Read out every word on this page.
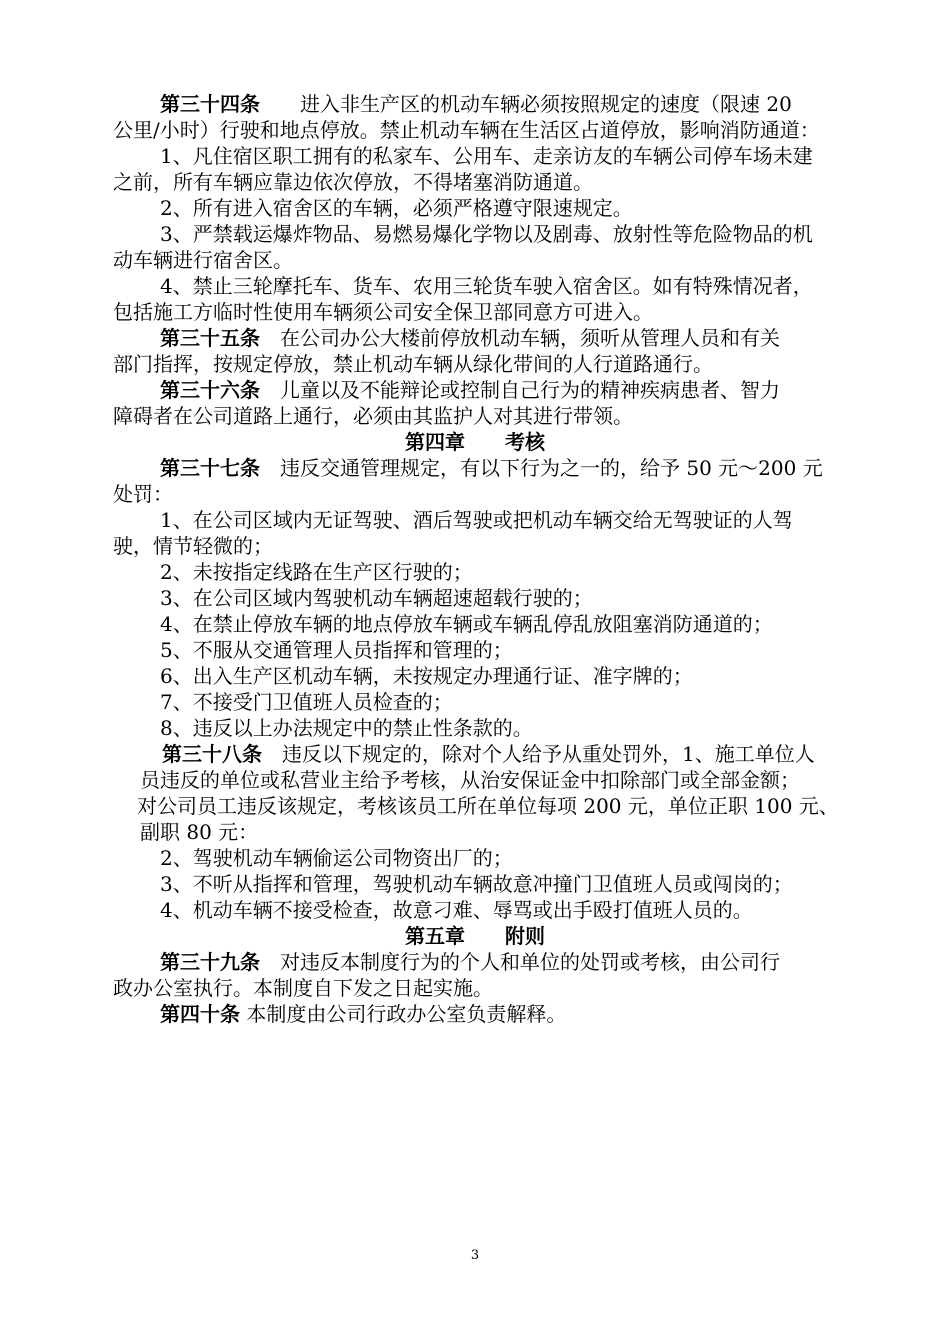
第三十四条   进入非生产区的机动车辆必须按照规定的速度（限速 20
公里/小时）行驶和地点停放。禁止机动车辆在生活区占道停放，影响消防通道：
1、凡住宿区职工拥有的私家车、公用车、走亲访友的车辆公司停车场未建
之前，所有车辆应靠边依次停放，不得堵塞消防通道。
2、所有进入宿舍区的车辆，必须严格遵守限速规定。
3、严禁载运爆炸物品、易燃易爆化学物以及剧毒、放射性等危险物品的机
动车辆进行宿舍区。
4、禁止三轮摩托车、货车、农用三轮货车驶入宿舍区。如有特殊情况者，
包括施工方临时性使用车辆须公司安全保卫部同意方可进入。
第三十五条  在公司办公大楼前停放机动车辆，须听从管理人员和有关
部门指挥，按规定停放，禁止机动车辆从绿化带间的人行道路通行。
第三十六条  儿童以及不能辩论或控制自己行为的精神疾病患者、智力
障碍者在公司道路上通行，必须由其监护人对其进行带领。
第四章　　考核
第三十七条  违反交通管理规定，有以下行为之一的，给予 50 元～200 元
处罚：
1、在公司区域内无证驾驶、酒后驾驶或把机动车辆交给无驾驶证的人驾
驶，情节轻微的；
2、未按指定线路在生产区行驶的；
3、在公司区域内驾驶机动车辆超速超载行驶的；
4、在禁止停放车辆的地点停放车辆或车辆乱停乱放阻塞消防通道的；
5、不服从交通管理人员指挥和管理的；
6、出入生产区机动车辆，未按规定办理通行证、准字牌的；
7、不接受门卫值班人员检查的；
8、违反以上办法规定中的禁止性条款的。
第三十八条  违反以下规定的，除对个人给予从重处罚外，1、施工单位人
员违反的单位或私营业主给予考核，从治安保证金中扣除部门或全部金额；
对公司员工违反该规定，考核该员工所在单位每项 200 元，单位正职 100 元、
副职 80 元：
2、驾驶机动车辆偷运公司物资出厂的；
3、不听从指挥和管理，驾驶机动车辆故意冲撞门卫值班人员或闯岗的；
4、机动车辆不接受检查，故意刁难、辱骂或出手殴打值班人员的。
第五章　　附则
第三十九条  对违反本制度行为的个人和单位的处罚或考核，由公司行
政办公室执行。本制度自下发之日起实施。
第四十条 本制度由公司行政办公室负责解释。
3
